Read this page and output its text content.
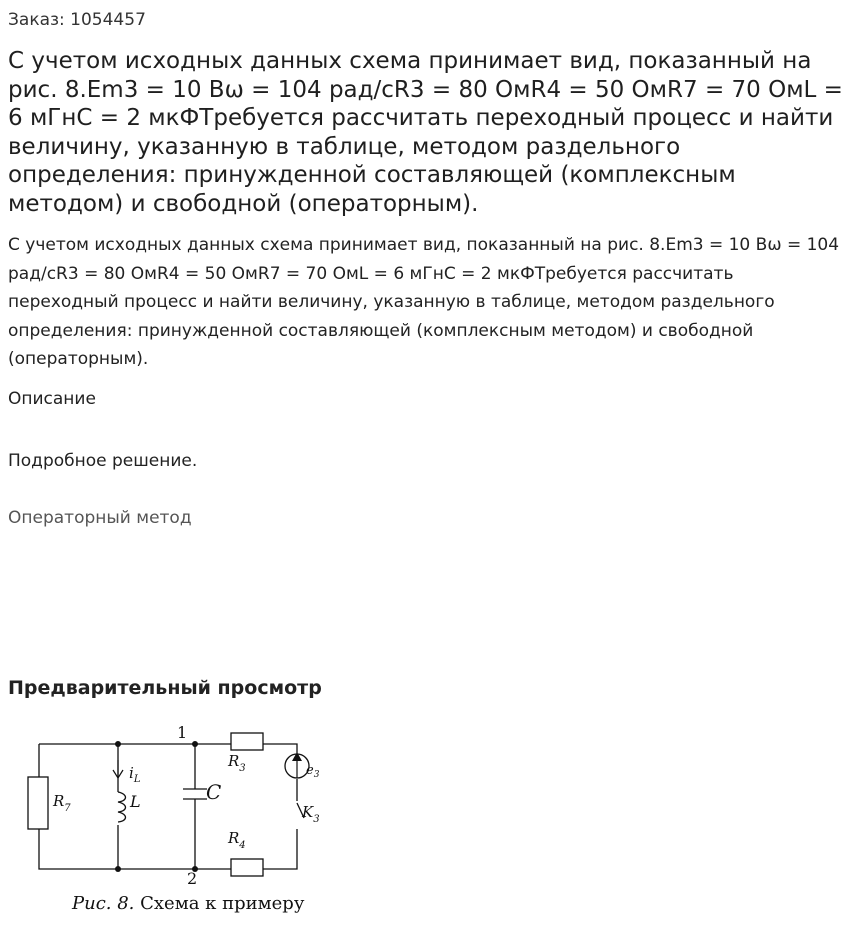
Заказ: 1054457
С учетом исходных данных схема принимает вид, показанный на рис. 8.Em3 = 10 Вω = 104 рад/сR3 = 80 ОмR4 = 50 ОмR7 = 70 ОмL = 6 мГнC = 2 мкФТребуется рассчитать переходный процесс и найти величину, указанную в таблице, методом раздельного определения: принужденной составляющей (комплексным методом) и свободной (операторным).
С учетом исходных данных схема принимает вид, показанный на рис. 8.Em3 = 10 Вω = 104 рад/сR3 = 80 ОмR4 = 50 ОмR7 = 70 ОмL = 6 мГнC = 2 мкФТребуется рассчитать переходный процесс и найти величину, указанную в таблице, методом раздельного определения: принужденной составляющей (комплексным методом) и свободной (операторным).
Описание
Подробное решение.
Операторный метод
Предварительный просмотр
1
2
$R_7$
$i_L$
L	C
$R_3$
$R_4$
$e_3$
$K_3$
Рис. 8. Схема к примеру
